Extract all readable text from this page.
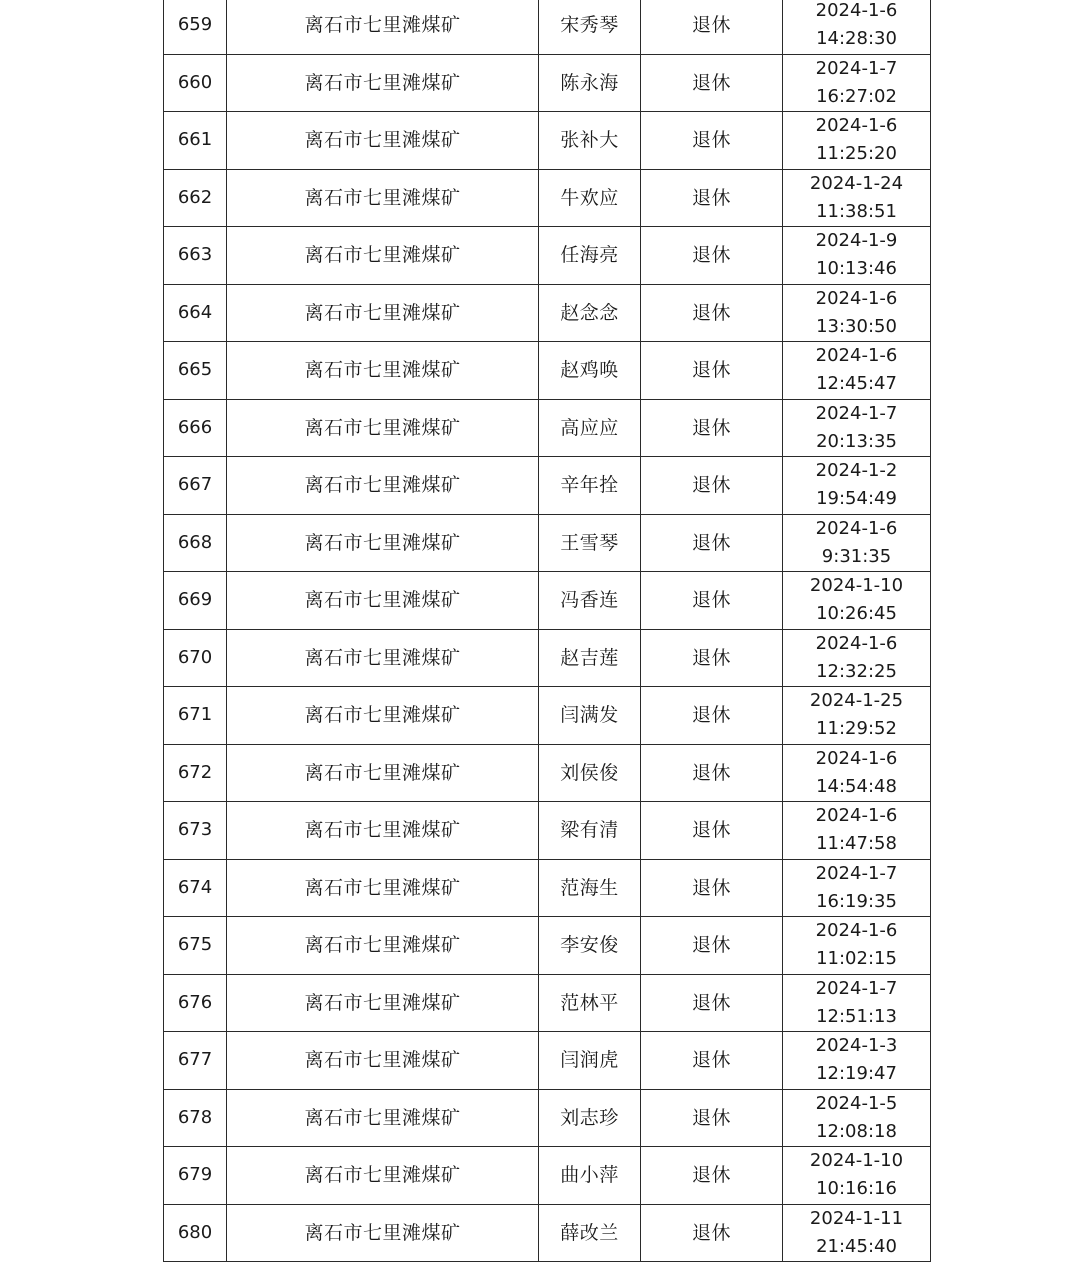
659	离石市七里滩煤矿	宋秀琴	退休	2024-1-6
14:28:30

660	离石市七里滩煤矿	陈永海	退休	2024-1-7
16:27:02

661	离石市七里滩煤矿	张补大	退休	2024-1-6
11:25:20

662	离石市七里滩煤矿	牛欢应	退休	2024-1-24
11:38:51

663	离石市七里滩煤矿	任海亮	退休	2024-1-9
10:13:46

664	离石市七里滩煤矿	赵念念	退休	2024-1-6
13:30:50

665	离石市七里滩煤矿	赵鸡唤	退休	2024-1-6
12:45:47

666	离石市七里滩煤矿	高应应	退休	2024-1-7
20:13:35

667	离石市七里滩煤矿	辛年拴	退休	2024-1-2
19:54:49

668	离石市七里滩煤矿	王雪琴	退休	2024-1-6
9:31:35

669	离石市七里滩煤矿	冯香连	退休	2024-1-10
10:26:45

670	离石市七里滩煤矿	赵吉莲	退休	2024-1-6
12:32:25

671	离石市七里滩煤矿	闫满发	退休	2024-1-25
11:29:52

672	离石市七里滩煤矿	刘侯俊	退休	2024-1-6
14:54:48

673	离石市七里滩煤矿	梁有清	退休	2024-1-6
11:47:58

674	离石市七里滩煤矿	范海生	退休	2024-1-7
16:19:35

675	离石市七里滩煤矿	李安俊	退休	2024-1-6
11:02:15

676	离石市七里滩煤矿	范林平	退休	2024-1-7
12:51:13

677	离石市七里滩煤矿	闫润虎	退休	2024-1-3
12:19:47

678	离石市七里滩煤矿	刘志珍	退休	2024-1-5
12:08:18

679	离石市七里滩煤矿	曲小萍	退休	2024-1-10
10:16:16

680	离石市七里滩煤矿	薛改兰	退休	2024-1-11
21:45:40
